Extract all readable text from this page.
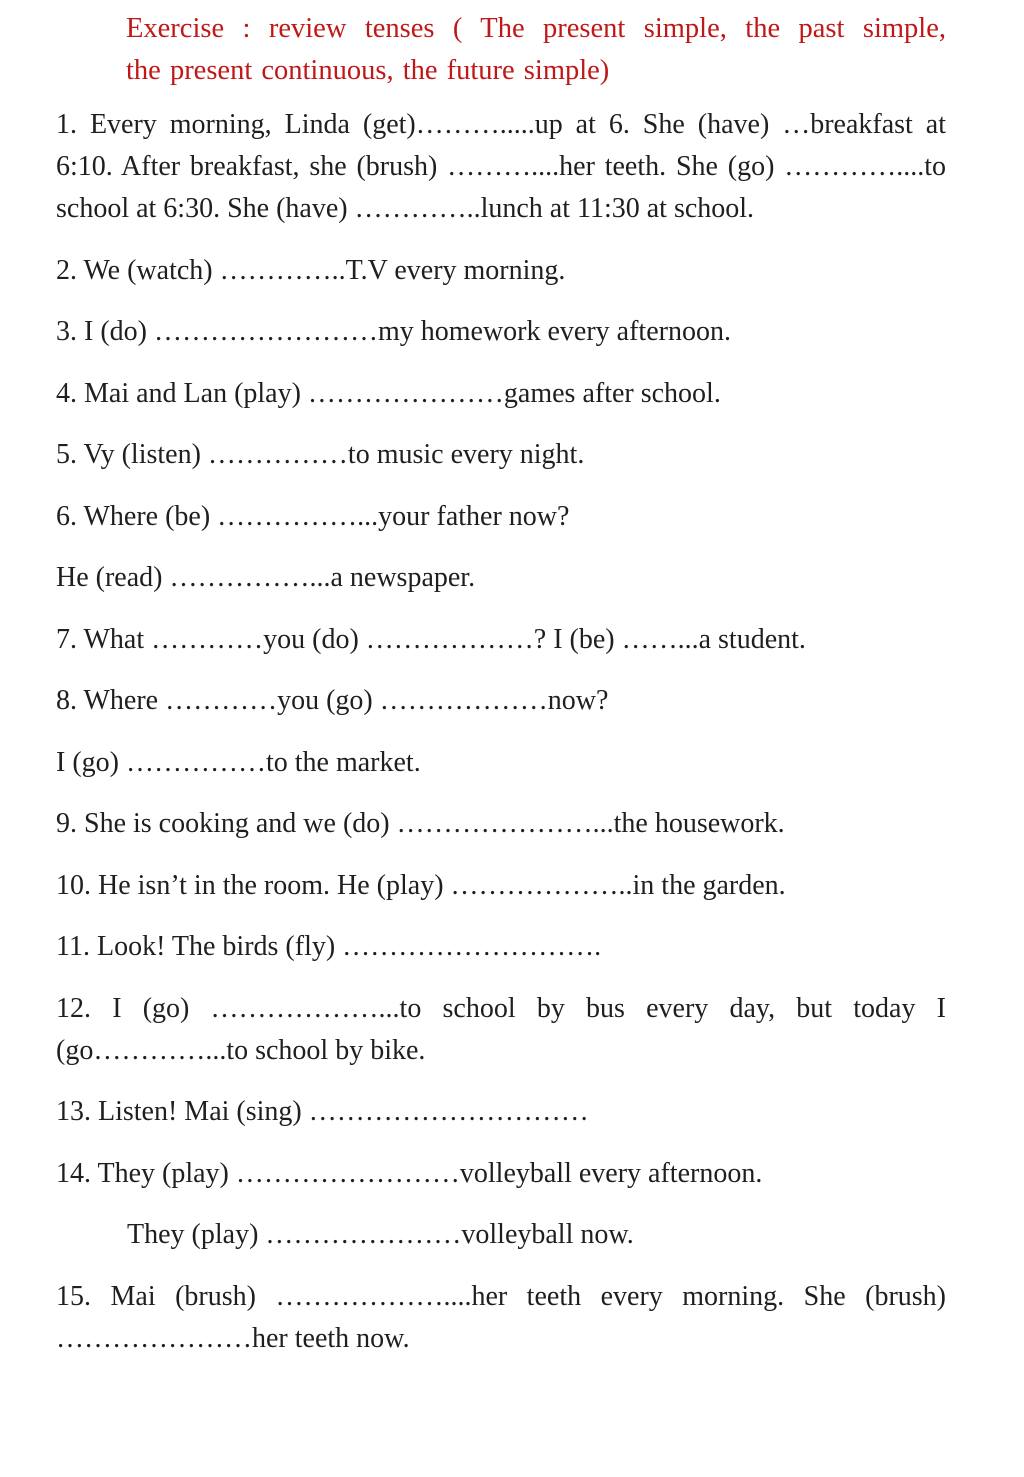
Exercise : review tenses ( The present simple, the past simple,
the present continuous, the future simple)

1. Every morning, Linda (get)……….....up at 6. She (have) …breakfast at 6:10. After breakfast, she (brush) ………....her teeth. She (go) …………....to school at 6:30. She (have) …………..lunch at 11:30 at school.

2. We (watch) …………..T.V every morning.

3. I (do) ……………………my homework every afternoon.

4. Mai and Lan (play) …………………games after school.

5. Vy (listen) ……………to music every night.

6. Where (be) ……………...your father now?

He (read) ……………...a newspaper.

7. What …………you (do) ………………? I (be) ……...a student.

8. Where …………you (go) ………………now?

I (go) ……………to the market.

9. She is cooking and we (do) …………………...the housework.

10. He isn’t in the room. He (play) ………………..in the garden.

11. Look! The birds (fly) ……………………….

12. I (go) ………………...to school by bus every day, but today I (go…………...to school by bike.

13. Listen! Mai (sing) …………………………

14. They (play) ……………………volleyball every afternoon.

They (play) …………………volleyball now.

15. Mai (brush) ………………....her teeth every morning. She (brush) …………………her teeth now.
